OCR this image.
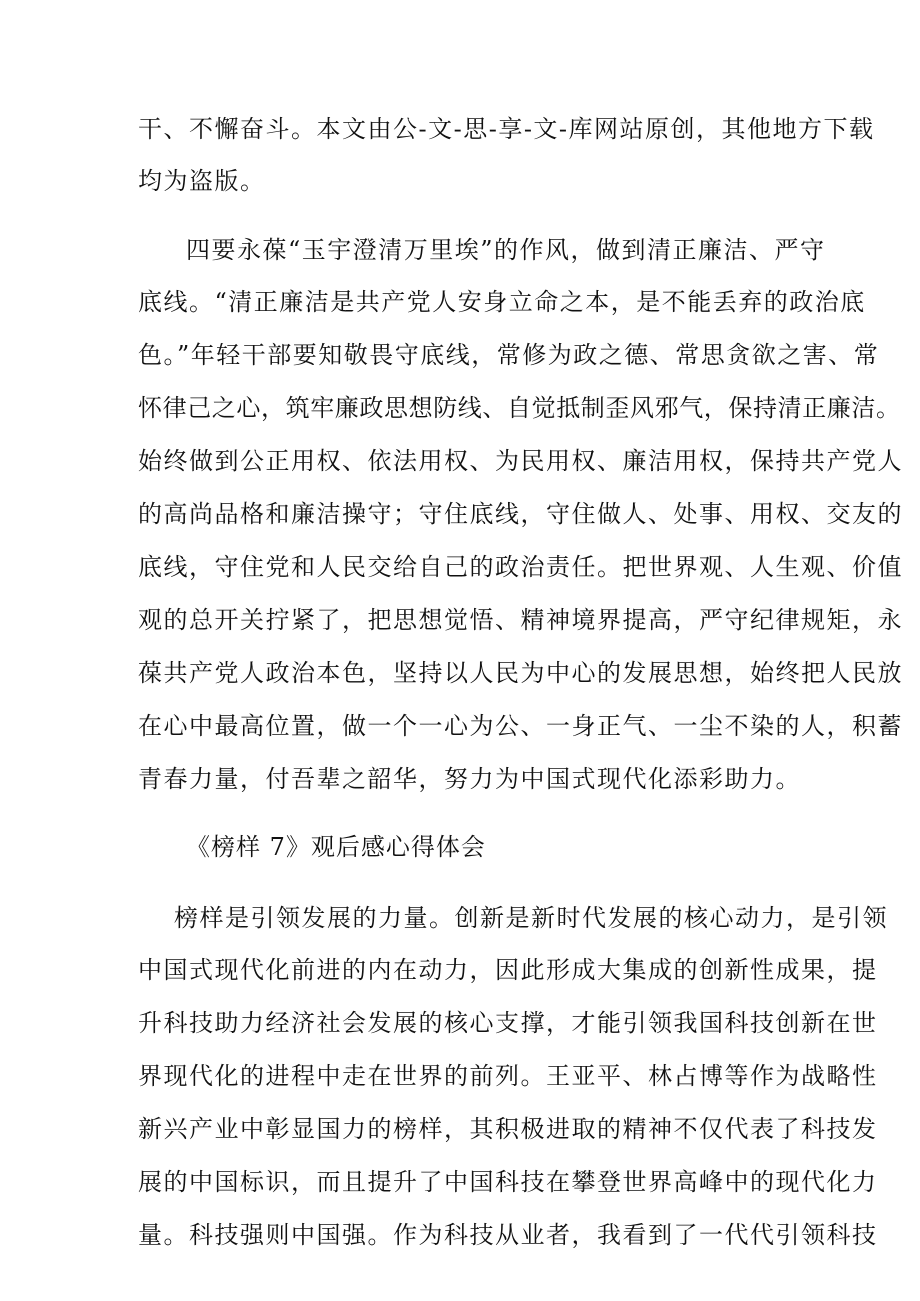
干、不懈奋斗。本文由公-文-思-享-文-库网站原创，其他地方下载
均为盗版。
四要永葆“玉宇澄清万里埃”的作风，做到清正廉洁、严守
底线。“清正廉洁是共产党人安身立命之本，是不能丢弃的政治底
色。”年轻干部要知敬畏守底线，常修为政之德、常思贪欲之害、常
怀律己之心，筑牢廉政思想防线、自觉抵制歪风邪气，保持清正廉洁。
始终做到公正用权、依法用权、为民用权、廉洁用权，保持共产党人
的高尚品格和廉洁操守；守住底线，守住做人、处事、用权、交友的
底线，守住党和人民交给自己的政治责任。把世界观、人生观、价值
观的总开关拧紧了，把思想觉悟、精神境界提高，严守纪律规矩，永
葆共产党人政治本色，坚持以人民为中心的发展思想，始终把人民放
在心中最高位置，做一个一心为公、一身正气、一尘不染的人，积蓄
青春力量，付吾辈之韶华，努力为中国式现代化添彩助力。
《榜样 7》观后感心得体会
榜样是引领发展的力量。创新是新时代发展的核心动力，是引领
中国式现代化前进的内在动力，因此形成大集成的创新性成果，提
升科技助力经济社会发展的核心支撑，才能引领我国科技创新在世
界现代化的进程中走在世界的前列。王亚平、林占博等作为战略性
新兴产业中彰显国力的榜样，其积极进取的精神不仅代表了科技发
展的中国标识，而且提升了中国科技在攀登世界高峰中的现代化力
量。科技强则中国强。作为科技从业者，我看到了一代代引领科技
